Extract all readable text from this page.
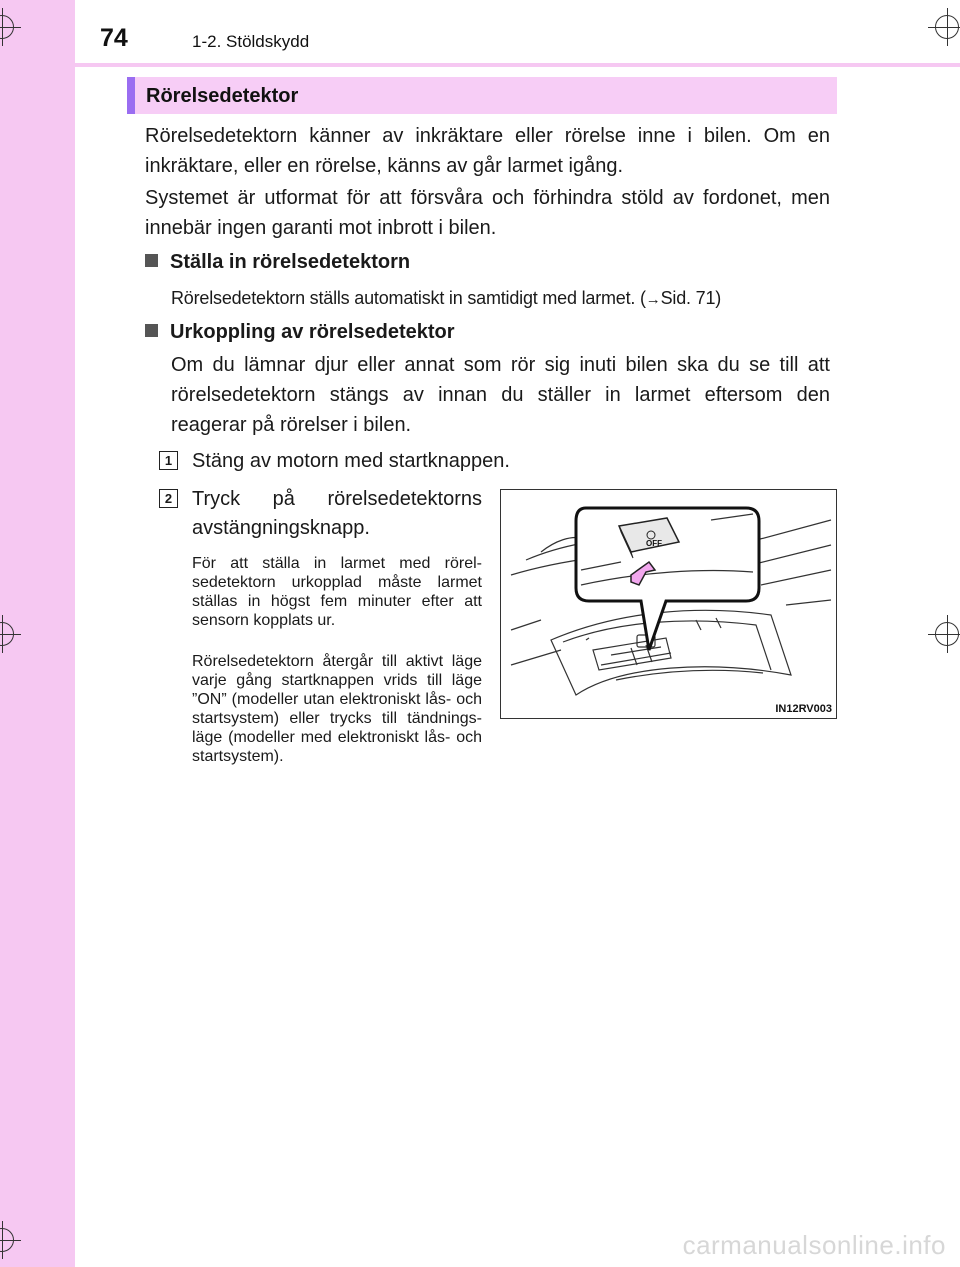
74	1-2. Stöldskydd
Rörelsedetektor
Rörelsedetektorn känner av inkräktare eller rörelse inne i bilen. Om en inkräktare, eller en rörelse, känns av går larmet igång.
Systemet är utformat för att försvåra och förhindra stöld av fordonet, men innebär ingen garanti mot inbrott i bilen.
Ställa in rörelsedetektorn
Rörelsedetektorn ställs automatiskt in samtidigt med larmet. (→Sid. 71)
Urkoppling av rörelsedetektor
Om du lämnar djur eller annat som rör sig inuti bilen ska du se till att rörelsedetektorn stängs av innan du ställer in larmet eftersom den reagerar på rörelser i bilen.
1 Stäng av motorn med startknappen.
2 Tryck på rörelsedetektorns
avstängningsknapp.
För att ställa in larmet med rörelsedetektorn urkopplad måste larmet ställas in högst fem minuter efter att sensorn kopplats ur.
Rörelsedetektorn återgår till aktivt läge varje gång startknappen vrids till läge ”ON” (modeller utan elektroniskt lås- och startsystem) eller trycks till tändningsläge (modeller med elektroniskt lås- och startsystem).
OFF
IN12RV003
carmanualsonline.info
